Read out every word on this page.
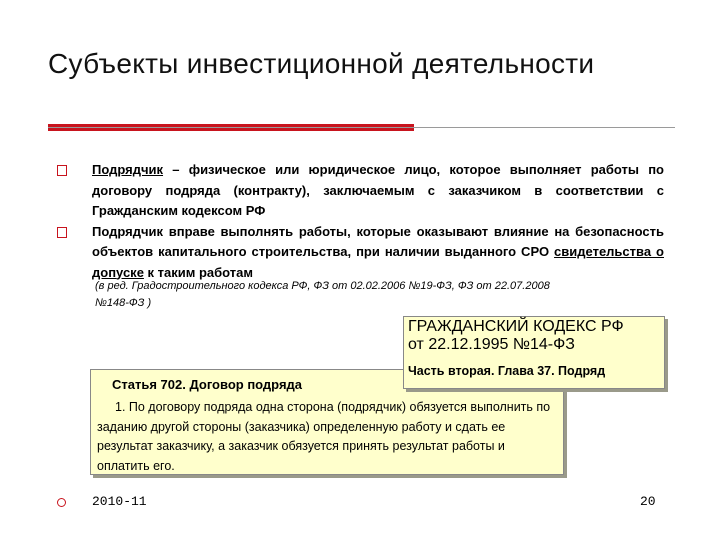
Субъекты инвестиционной деятельности

Подрядчик – физическое или юридическое лицо, которое выполняет работы по договору подряда (контракту), заключаемым с заказчиком в соответствии с Гражданским кодексом РФ

Подрядчик вправе выполнять работы, которые оказывают влияние на безопасность объектов капитального строительства, при наличии выданного СРО свидетельства о допуске к таким работам

(в ред. Градостроительного кодекса РФ, ФЗ от 02.02.2006 №19-ФЗ, ФЗ от 22.07.2008 №148-ФЗ )
Статья 702. Договор подряда
1. По договору подряда одна сторона (подрядчик) обязуется выполнить по заданию другой стороны (заказчика) определенную работу и сдать ее результат заказчику, а заказчик обязуется принять результат работы и оплатить его.
ГРАЖДАНСКИЙ КОДЕКС РФ
от 22.12.1995 №14-ФЗ
Часть вторая. Глава 37. Подряд
2010-11	20
